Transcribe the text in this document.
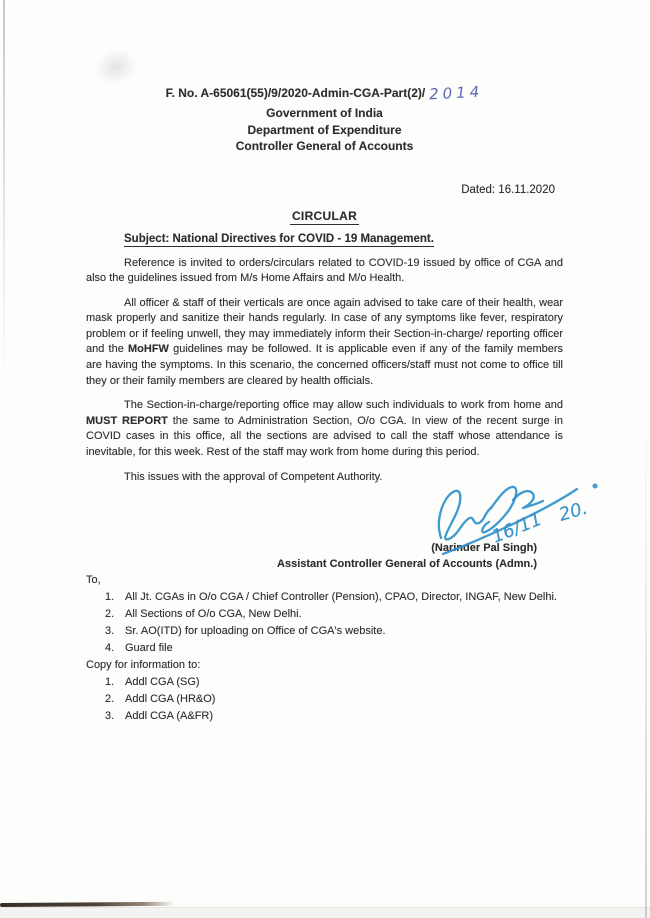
F. No. A-65061(55)/9/2020-Admin-CGA-Part(2)/ 2014
Government of India
Department of Expenditure
Controller General of Accounts
Dated: 16.11.2020
CIRCULAR
Subject: National Directives for COVID - 19 Management.

Reference is invited to orders/circulars related to COVID-19 issued by office of CGA and also the guidelines issued from M/s Home Affairs and M/o Health.

All officer & staff of their verticals are once again advised to take care of their health, wear mask properly and sanitize their hands regularly. In case of any symptoms like fever, respiratory problem or if feeling unwell, they may immediately inform their Section-in-charge/ reporting officer and the MoHFW guidelines may be followed. It is applicable even if any of the family members are having the symptoms. In this scenario, the concerned officers/staff must not come to office till they or their family members are cleared by health officials.

The Section-in-charge/reporting office may allow such individuals to work from home and MUST REPORT the same to Administration Section, O/o CGA. In view of the recent surge in COVID cases in this office, all the sections are advised to call the staff whose attendance is inevitable, for this week. Rest of the staff may work from home during this period.

This issues with the approval of Competent Authority.

(Narinder Pal Singh)
Assistant Controller General of Accounts (Admn.)
To,
1. All Jt. CGAs in O/o CGA / Chief Controller (Pension), CPAO, Director, INGAF, New Delhi.
2. All Sections of O/o CGA, New Delhi.
3. Sr. AO(ITD) for uploading on Office of CGA's website.
4. Guard file
Copy for information to:
1. Addl CGA (SG)
2. Addl CGA (HR&O)
3. Addl CGA (A&FR)
16/11 20.
